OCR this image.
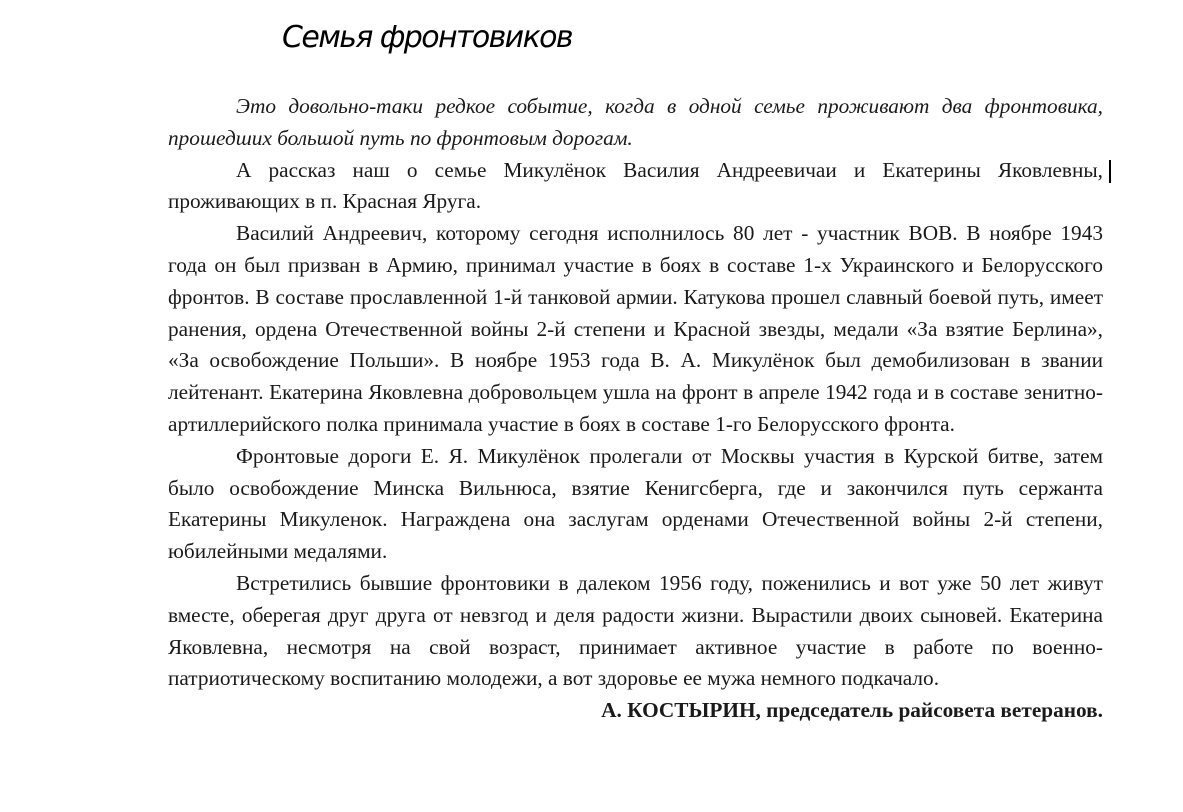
Семья фронтовиков

Это довольно-таки редкое событие, когда в одной семье проживают два фронтовика, прошедших большой путь по фронтовым дорогам.

А рассказ наш о семье Микулёнок Василия Андреевичаи и Екатерины Яковлевны, проживающих в п. Красная Яруга.

Василий Андреевич, которому сегодня исполнилось 80 лет - участник ВОВ. В ноябре 1943 года он был призван в Армию, принимал участие в боях в составе 1-х Украинского и Белорусского фронтов. В составе прославленной 1-й танковой армии. Катукова прошел славный боевой путь, имеет ранения, ордена Отечественной войны 2-й степени и Красной звезды, медали «За взятие Берлина», «За освобождение Польши». В ноябре 1953 года В. А. Микулёнок был демобилизован в звании лейтенант. Екатерина Яковлевна добровольцем ушла на фронт в апреле 1942 года и в составе зенитно-артиллерийского полка принимала участие в боях в составе 1-го Белорусского фронта.

Фронтовые дороги Е. Я. Микулёнок пролегали от Москвы участия в Курской битве, затем было освобождение Минска Вильнюса, взятие Кенигсберга, где и закончился путь сержанта Екатерины Микуленок. Награждена она заслугам орденами Отечественной войны 2-й степени, юбилейными медалями.

Встретились бывшие фронтовики в далеком 1956 году, поженились и вот уже 50 лет живут вместе, оберегая друг друга от невзгод и деля радости жизни. Вырастили двоих сыновей. Екатерина Яковлевна, несмотря на свой возраст, принимает активное участие в работе по военно-патриотическому воспитанию молодежи, а вот здоровье ее мужа немного подкачало.

А. КОСТЫРИН, председатель райсовета ветеранов.
